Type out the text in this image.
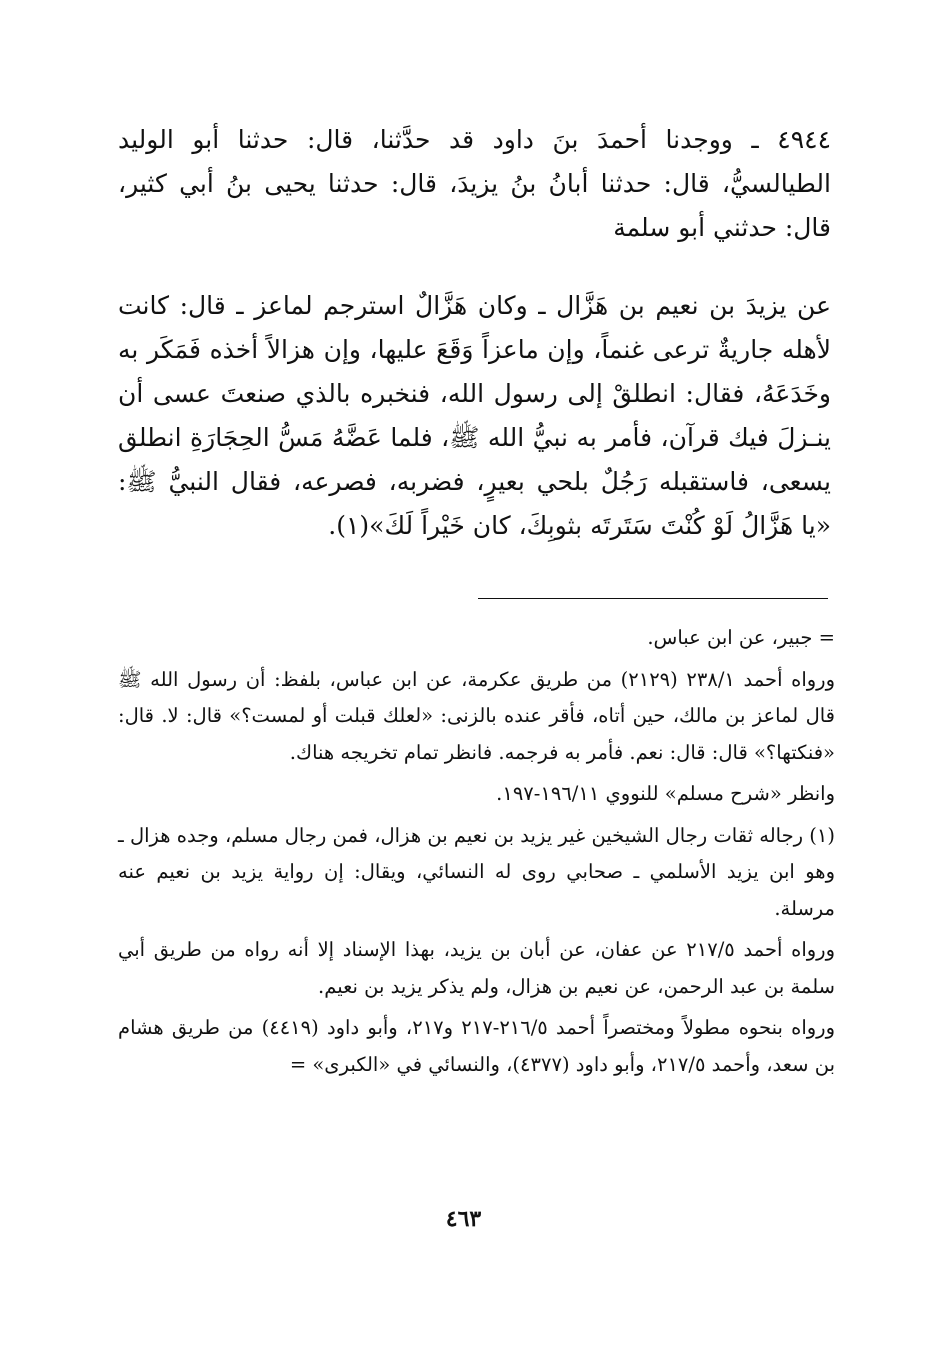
٤٩٤٤ ـ ووجدنا أحمدَ بنَ داود قد حدَّثنا، قال: حدثنا أبو الوليد الطيالسيُّ، قال: حدثنا أبانُ بنُ يزيدَ، قال: حدثنا يحيى بنُ أبي كثير، قال: حدثني أبو سلمة

عن يزيدَ بن نعيم بن هَزَّال ـ وكان هَزَّالٌ استرجم لماعز ـ قال: كانت لأهله جاريةٌ ترعى غنماً، وإن ماعزاً وَقَعَ عليها، وإن هزالاً أخذه فَمَكَر به وخَدَعَهُ، فقال: انطلقْ إلى رسول الله، فنخبره بالذي صنعتَ عسى أن ينـزلَ فيك قرآن، فأمر به نبيُّ الله ﷺ، فلما عَضَّهُ مَسُّ الحِجَارَةِ انطلق يسعى، فاستقبله رَجُلٌ بلحي بعيرٍ، فضربه، فصرعه، فقال النبيُّ ﷺ: «يا هَزَّالُ لَوْ كُنْتَ سَتَرتَه بثوبِكَ، كان خَيْراً لَكَ»(١).

= جبير، عن ابن عباس.

ورواه أحمد ٢٣٨/١ (٢١٢٩) من طريق عكرمة، عن ابن عباس، بلفظ: أن رسول الله ﷺ قال لماعز بن مالك، حين أتاه، فأقر عنده بالزنى: «لعلك قبلت أو لمست؟» قال: لا. قال: «فنكتها؟» قال: قال: نعم. فأمر به فرجمه. فانظر تمام تخريجه هناك.

وانظر «شرح مسلم» للنووي ١٩٦/١١-١٩٧.

(١) رجاله ثقات رجال الشيخين غير يزيد بن نعيم بن هزال، فمن رجال مسلم، وجده هزال ـ وهو ابن يزيد الأسلمي ـ صحابي روى له النسائي، ويقال: إن رواية يزيد بن نعيم عنه مرسلة.

ورواه أحمد ٢١٧/٥ عن عفان، عن أبان بن يزيد، بهذا الإسناد إلا أنه رواه من طريق أبي سلمة بن عبد الرحمن، عن نعيم بن هزال، ولم يذكر يزيد بن نعيم.

ورواه بنحوه مطولاً ومختصراً أحمد ٢١٦/٥-٢١٧ و٢١٧، وأبو داود (٤٤١٩) من طريق هشام بن سعد، وأحمد ٢١٧/٥، وأبو داود (٤٣٧٧)، والنسائي في «الكبرى» =

٤٦٣
